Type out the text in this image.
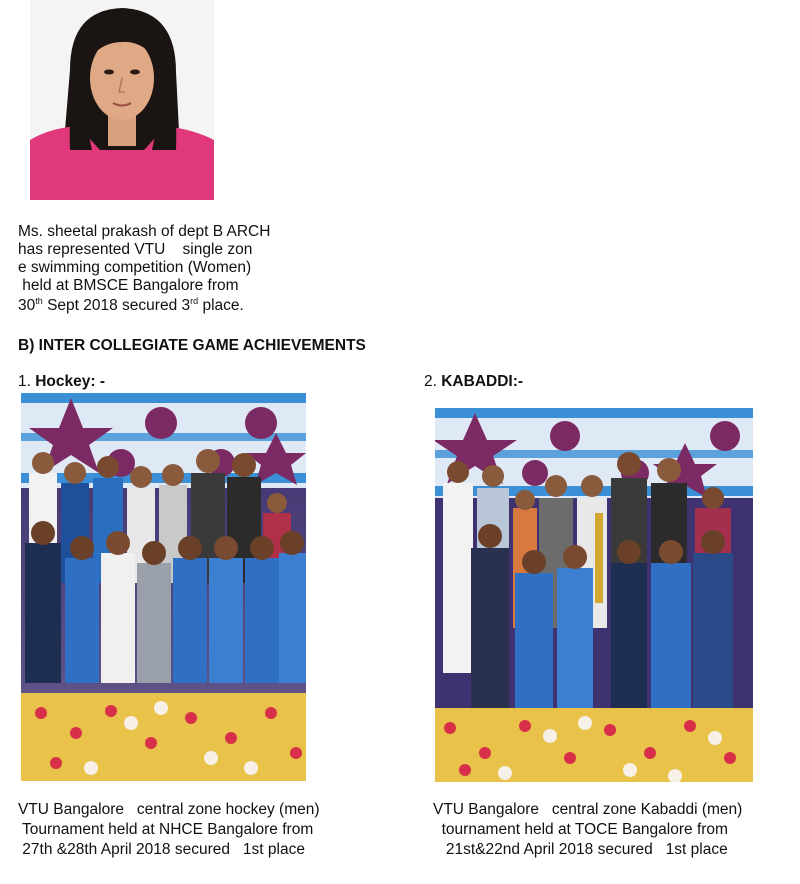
Ms. sheetal prakash of dept B ARCH
has represented VTU    single zon
e swimming competition (Women)
held at BMSCE Bangalore from
30th Sept 2018 secured 3rd place.
B) INTER COLLEGIATE GAME ACHIEVEMENTS
1. Hockey: -	2. KABADDI:-
VTU Bangalore   central zone hockey (men)
Tournament held at NHCE Bangalore from
27th &28th April 2018 secured   1st place
VTU Bangalore   central zone Kabaddi (men)
tournament held at TOCE Bangalore from
21st&22nd April 2018 secured   1st place
